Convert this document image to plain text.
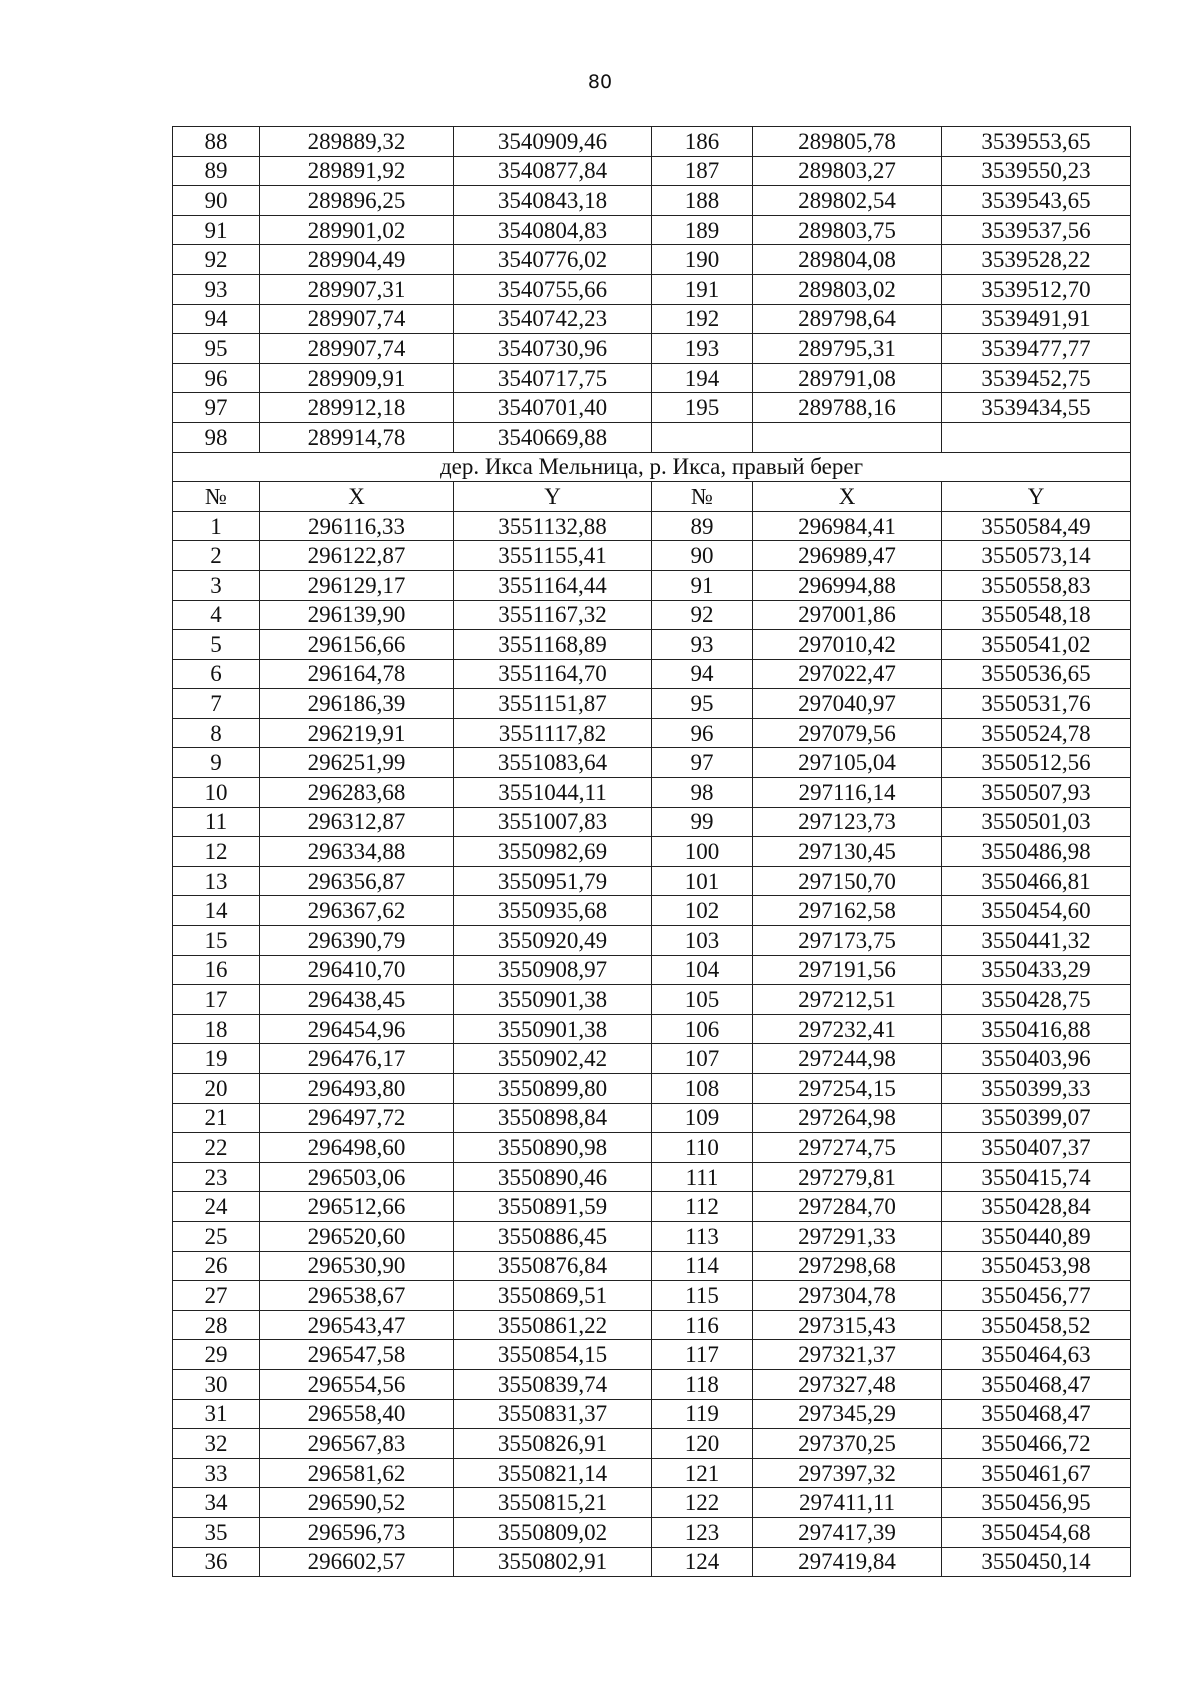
80
88	289889,32	3540909,46	186	289805,78	3539553,65
89	289891,92	3540877,84	187	289803,27	3539550,23
90	289896,25	3540843,18	188	289802,54	3539543,65
91	289901,02	3540804,83	189	289803,75	3539537,56
92	289904,49	3540776,02	190	289804,08	3539528,22
93	289907,31	3540755,66	191	289803,02	3539512,70
94	289907,74	3540742,23	192	289798,64	3539491,91
95	289907,74	3540730,96	193	289795,31	3539477,77
96	289909,91	3540717,75	194	289791,08	3539452,75
97	289912,18	3540701,40	195	289788,16	3539434,55
98	289914,78	3540669,88			
дер. Икса Мельница, р. Икса, правый берег					
№	X	Y	№	X	Y
1	296116,33	3551132,88	89	296984,41	3550584,49
2	296122,87	3551155,41	90	296989,47	3550573,14
3	296129,17	3551164,44	91	296994,88	3550558,83
4	296139,90	3551167,32	92	297001,86	3550548,18
5	296156,66	3551168,89	93	297010,42	3550541,02
6	296164,78	3551164,70	94	297022,47	3550536,65
7	296186,39	3551151,87	95	297040,97	3550531,76
8	296219,91	3551117,82	96	297079,56	3550524,78
9	296251,99	3551083,64	97	297105,04	3550512,56
10	296283,68	3551044,11	98	297116,14	3550507,93
11	296312,87	3551007,83	99	297123,73	3550501,03
12	296334,88	3550982,69	100	297130,45	3550486,98
13	296356,87	3550951,79	101	297150,70	3550466,81
14	296367,62	3550935,68	102	297162,58	3550454,60
15	296390,79	3550920,49	103	297173,75	3550441,32
16	296410,70	3550908,97	104	297191,56	3550433,29
17	296438,45	3550901,38	105	297212,51	3550428,75
18	296454,96	3550901,38	106	297232,41	3550416,88
19	296476,17	3550902,42	107	297244,98	3550403,96
20	296493,80	3550899,80	108	297254,15	3550399,33
21	296497,72	3550898,84	109	297264,98	3550399,07
22	296498,60	3550890,98	110	297274,75	3550407,37
23	296503,06	3550890,46	111	297279,81	3550415,74
24	296512,66	3550891,59	112	297284,70	3550428,84
25	296520,60	3550886,45	113	297291,33	3550440,89
26	296530,90	3550876,84	114	297298,68	3550453,98
27	296538,67	3550869,51	115	297304,78	3550456,77
28	296543,47	3550861,22	116	297315,43	3550458,52
29	296547,58	3550854,15	117	297321,37	3550464,63
30	296554,56	3550839,74	118	297327,48	3550468,47
31	296558,40	3550831,37	119	297345,29	3550468,47
32	296567,83	3550826,91	120	297370,25	3550466,72
33	296581,62	3550821,14	121	297397,32	3550461,67
34	296590,52	3550815,21	122	297411,11	3550456,95
35	296596,73	3550809,02	123	297417,39	3550454,68
36	296602,57	3550802,91	124	297419,84	3550450,14
